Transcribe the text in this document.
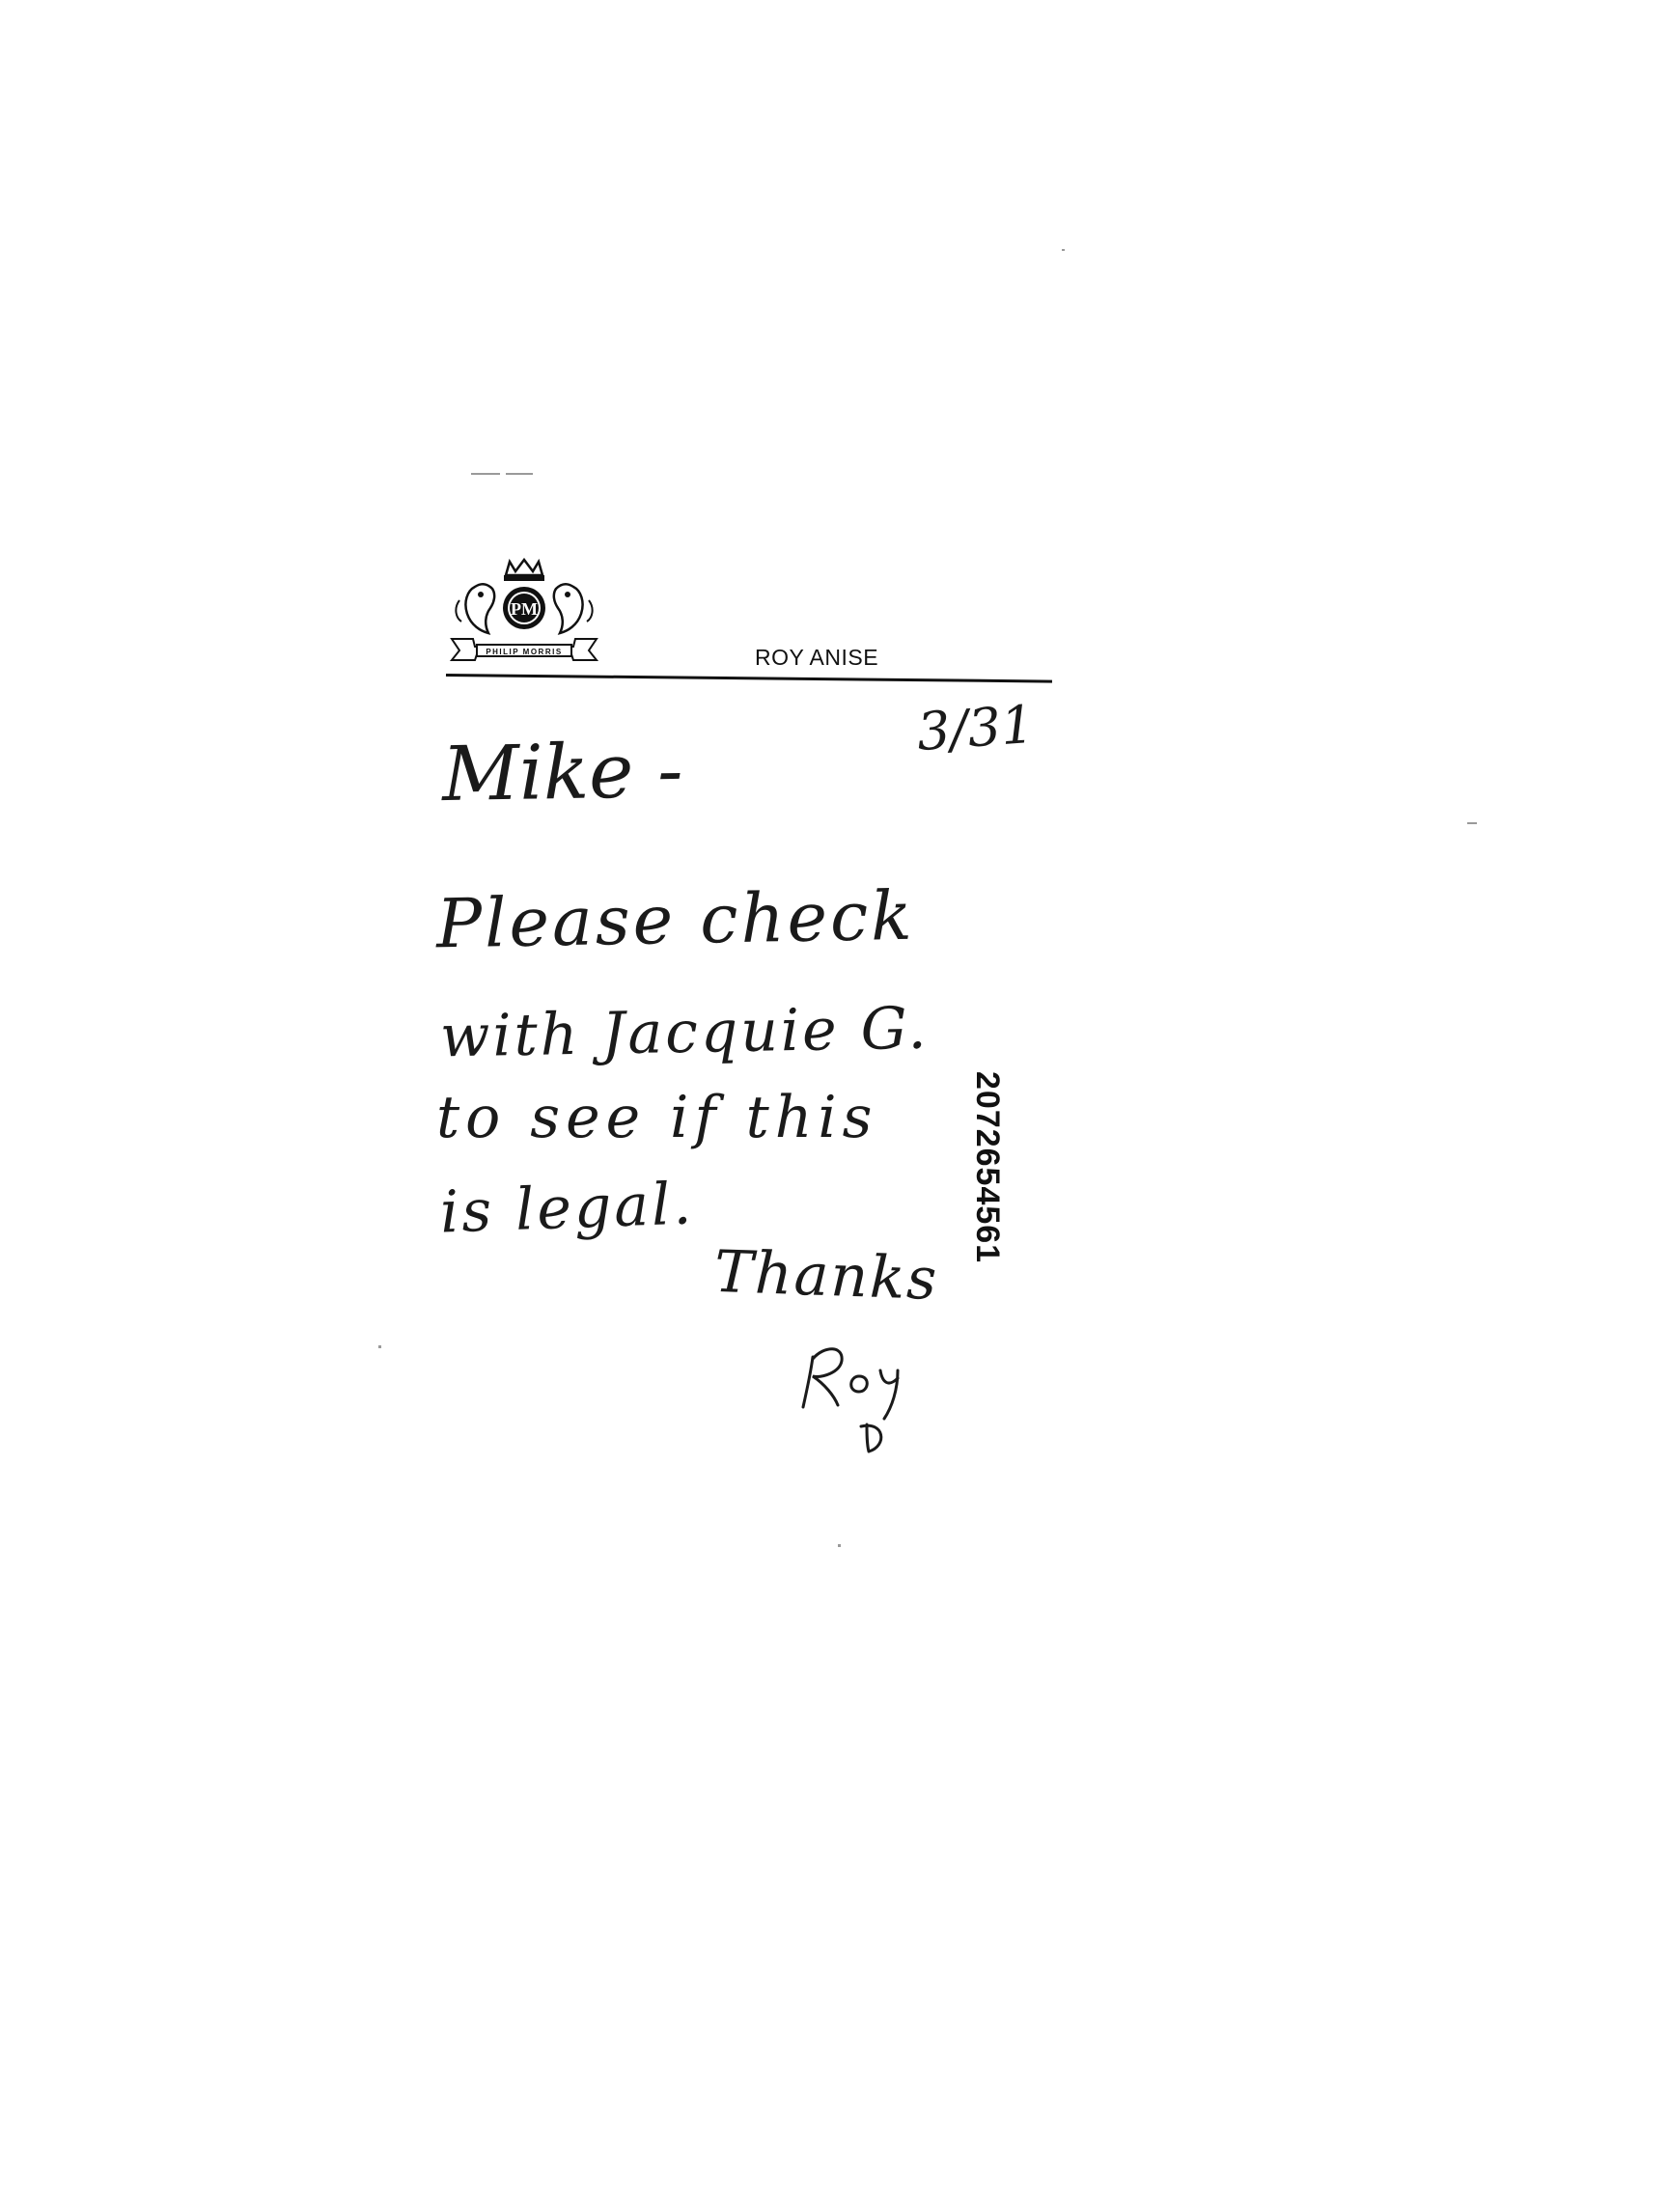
PM
PHILIP MORRIS	ROY ANISE
3/31
Mike -
Please check
with Jacquie G.
to see if this
is legal.
Thanks
2072654561
